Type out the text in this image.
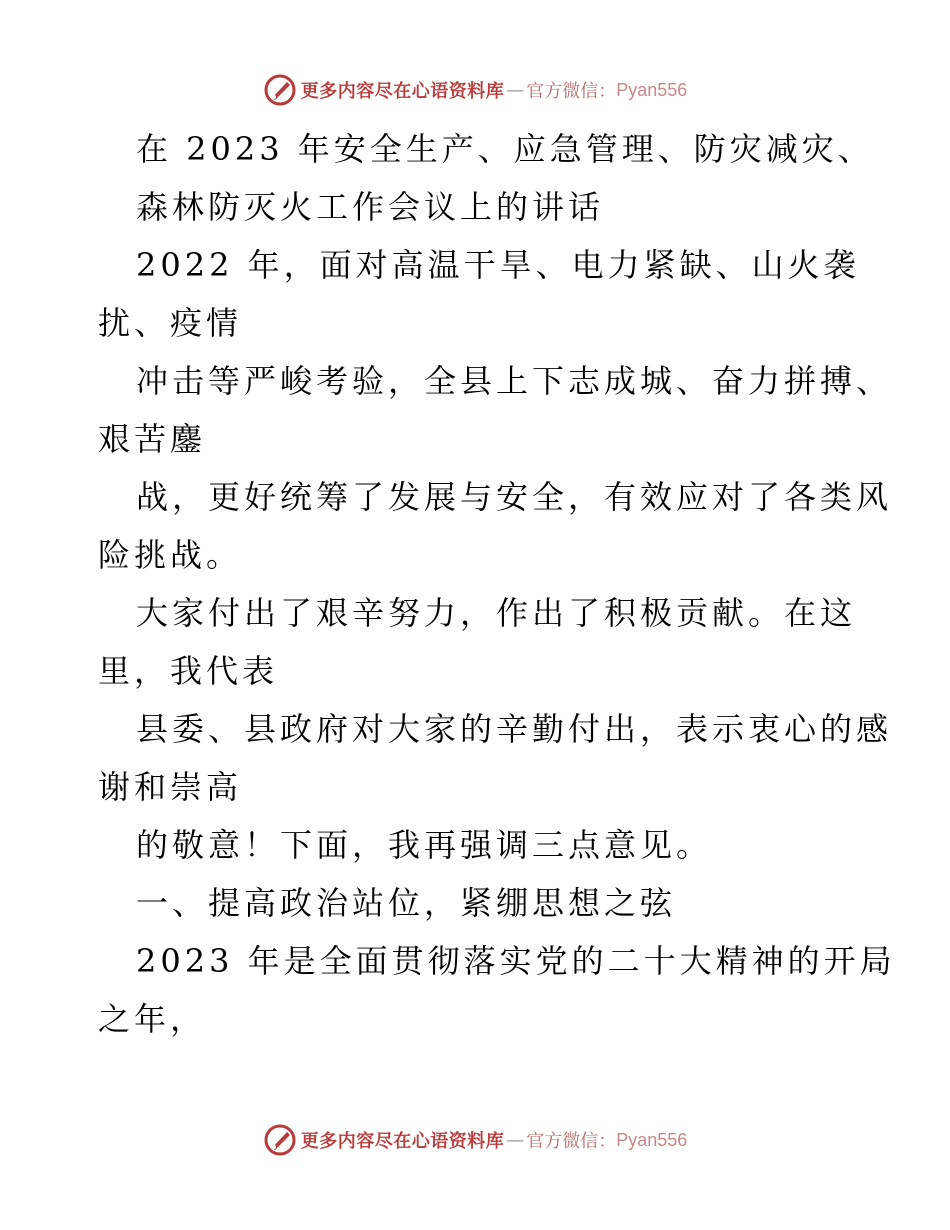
更多内容尽在心语资料库 — 官方微信： Pyan556
在 2023 年安全生产、应急管理、防灾减灾、
森林防灭火工作会议上的讲话
2022 年，面对高温干旱、电力紧缺、山火袭
扰、疫情
冲击等严峻考验，全县上下志成城、奋力拼搏、
艰苦鏖
战，更好统筹了发展与安全，有效应对了各类风
险挑战。
大家付出了艰辛努力，作出了积极贡献。在这
里，我代表
县委、县政府对大家的辛勤付出，表示衷心的感
谢和崇高
的敬意！下面，我再强调三点意见。
一、提高政治站位，紧绷思想之弦
2023 年是全面贯彻落实党的二十大精神的开局
之年，
更多内容尽在心语资料库 — 官方微信： Pyan556
